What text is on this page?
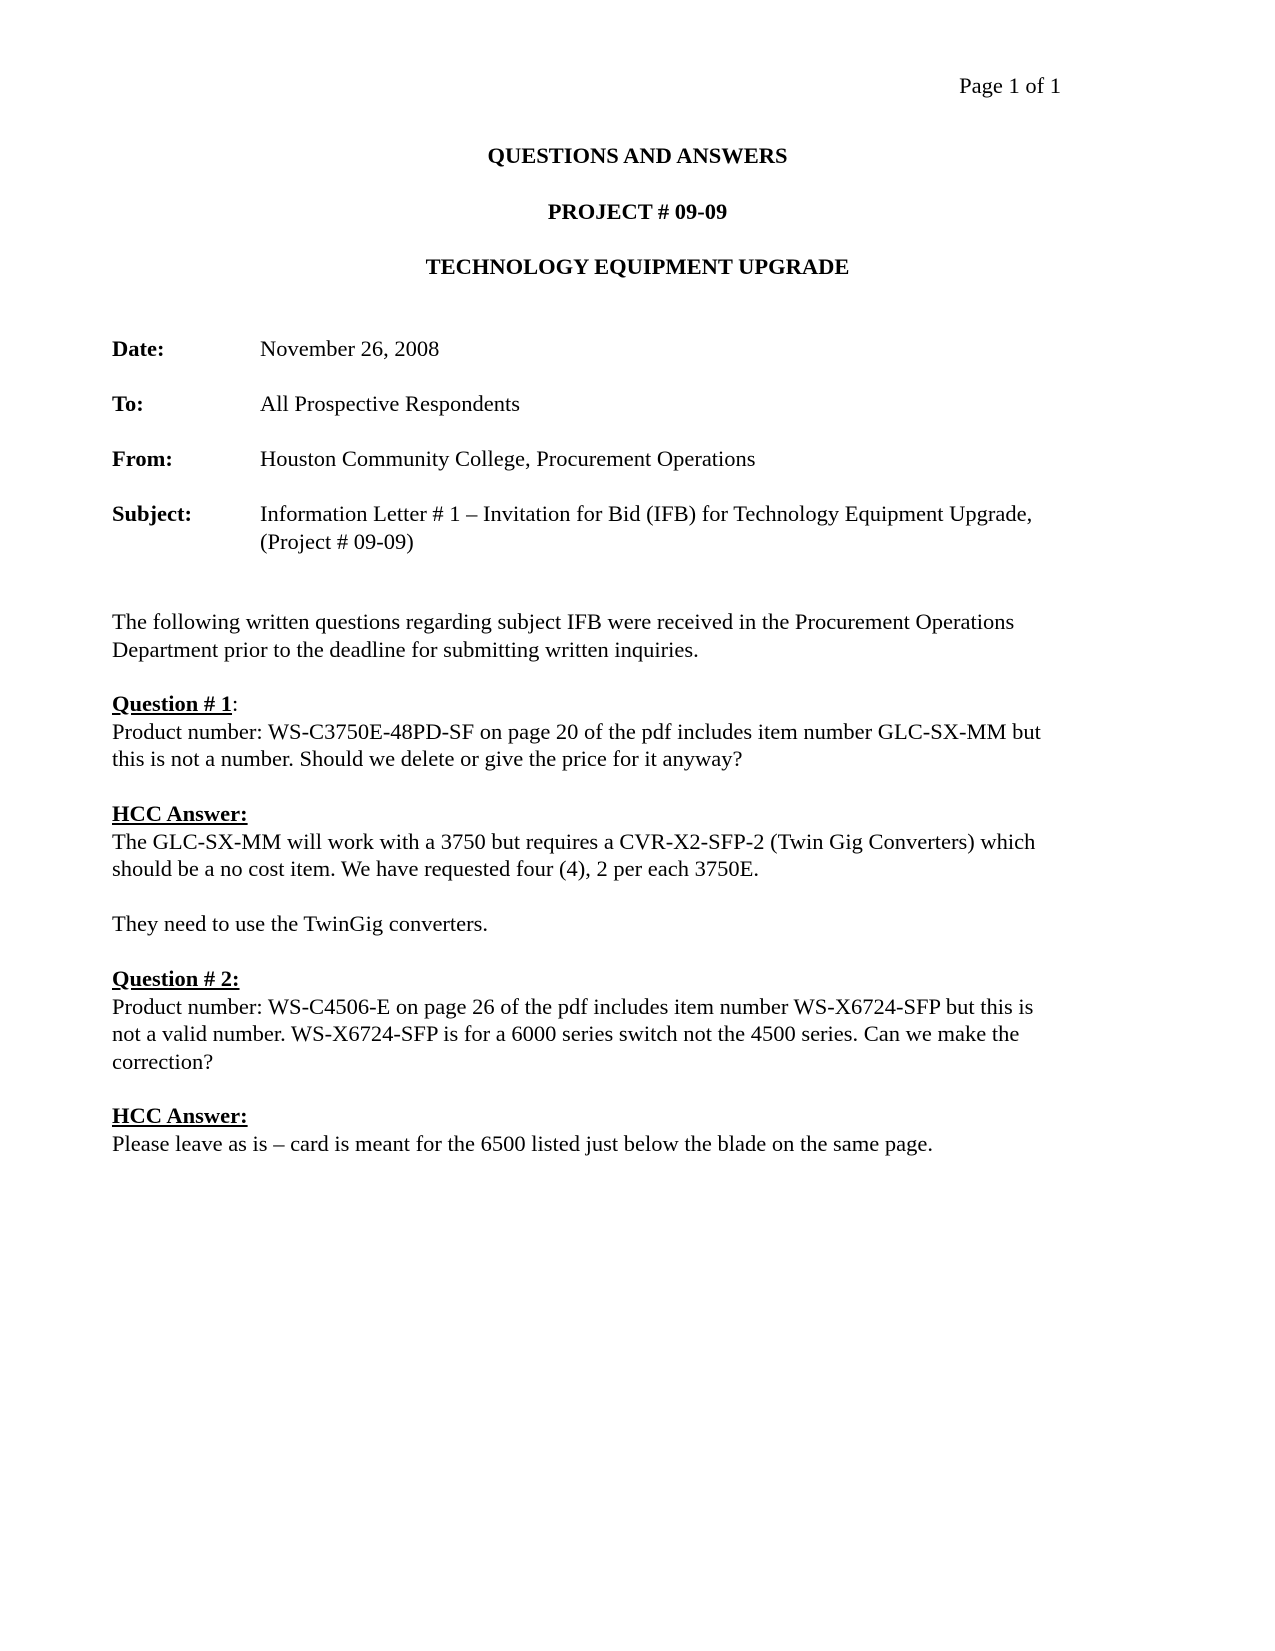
Page 1 of 1
QUESTIONS AND ANSWERS
PROJECT # 09-09
TECHNOLOGY EQUIPMENT UPGRADE
Date:	November 26, 2008
To:	All Prospective Respondents
From:	Houston Community College, Procurement Operations
Subject:	Information Letter # 1 – Invitation for Bid (IFB) for Technology Equipment Upgrade,

(Project # 09-09)

The following written questions regarding subject IFB were received in the Procurement Operations

Department prior to the deadline for submitting written inquiries.

Question # 1:

Product number: WS-C3750E-48PD-SF on page 20 of the pdf includes item number GLC-SX-MM but

this is not a number. Should we delete or give the price for it anyway?

HCC Answer:

The GLC-SX-MM will work with a 3750 but requires a CVR-X2-SFP-2 (Twin Gig Converters) which

should be a no cost item. We have requested four (4), 2 per each 3750E.

They need to use the TwinGig converters.

Question # 2:

Product number: WS-C4506-E on page 26 of the pdf includes item number WS-X6724-SFP but this is

not a valid number. WS-X6724-SFP is for a 6000 series switch not the 4500 series. Can we make the

correction?

HCC Answer:

Please leave as is – card is meant for the 6500 listed just below the blade on the same page.
